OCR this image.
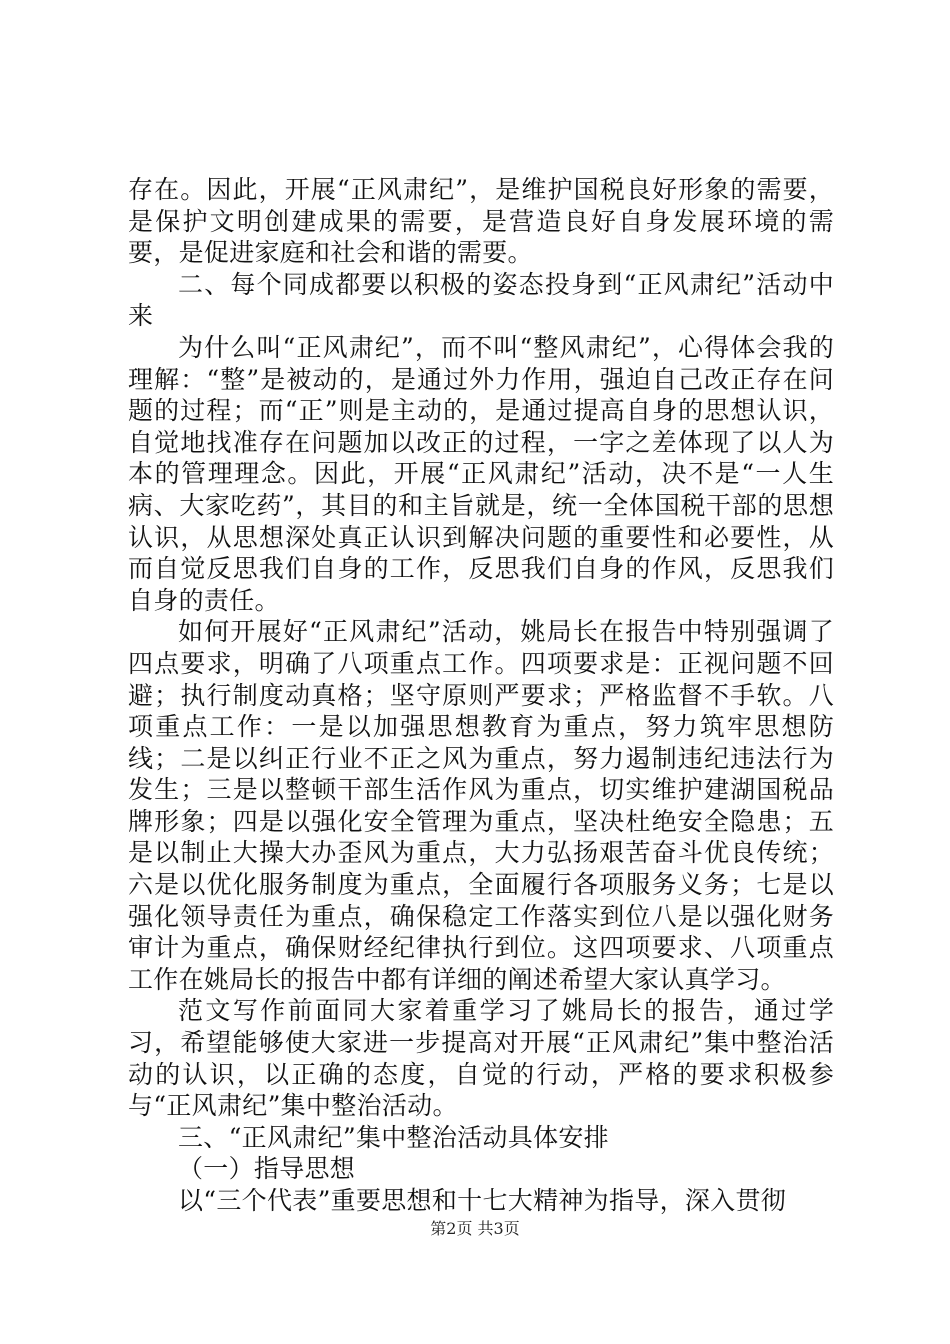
存在。因此，开展“正风肃纪”，是维护国税良好形象的需要，是保护文明创建成果的需要，是营造良好自身发展环境的需要，是促进家庭和社会和谐的需要。

二、每个同成都要以积极的姿态投身到“正风肃纪”活动中来

为什么叫“正风肃纪”，而不叫“整风肃纪”，心得体会我的理解：“整”是被动的，是通过外力作用，强迫自己改正存在问题的过程；而“正”则是主动的，是通过提高自身的思想认识，自觉地找准存在问题加以改正的过程，一字之差体现了以人为本的管理理念。因此，开展“正风肃纪”活动，决不是“一人生病、大家吃药”，其目的和主旨就是，统一全体国税干部的思想认识，从思想深处真正认识到解决问题的重要性和必要性，从而自觉反思我们自身的工作，反思我们自身的作风，反思我们自身的责任。

如何开展好“正风肃纪”活动，姚局长在报告中特别强调了四点要求，明确了八项重点工作。四项要求是：正视问题不回避；执行制度动真格；坚守原则严要求；严格监督不手软。八项重点工作：一是以加强思想教育为重点，努力筑牢思想防线；二是以纠正行业不正之风为重点，努力遏制违纪违法行为发生；三是以整顿干部生活作风为重点，切实维护建湖国税品牌形象；四是以强化安全管理为重点，坚决杜绝安全隐患；五是以制止大操大办歪风为重点，大力弘扬艰苦奋斗优良传统；六是以优化服务制度为重点，全面履行各项服务义务；七是以强化领导责任为重点，确保稳定工作落实到位八是以强化财务审计为重点，确保财经纪律执行到位。这四项要求、八项重点工作在姚局长的报告中都有详细的阐述希望大家认真学习。

范文写作前面同大家着重学习了姚局长的报告，通过学习，希望能够使大家进一步提高对开展“正风肃纪”集中整治活动的认识，以正确的态度，自觉的行动，严格的要求积极参与“正风肃纪”集中整治活动。

三、“正风肃纪”集中整治活动具体安排

（一）指导思想

以“三个代表”重要思想和十七大精神为指导，深入贯彻

第2页 共3页
